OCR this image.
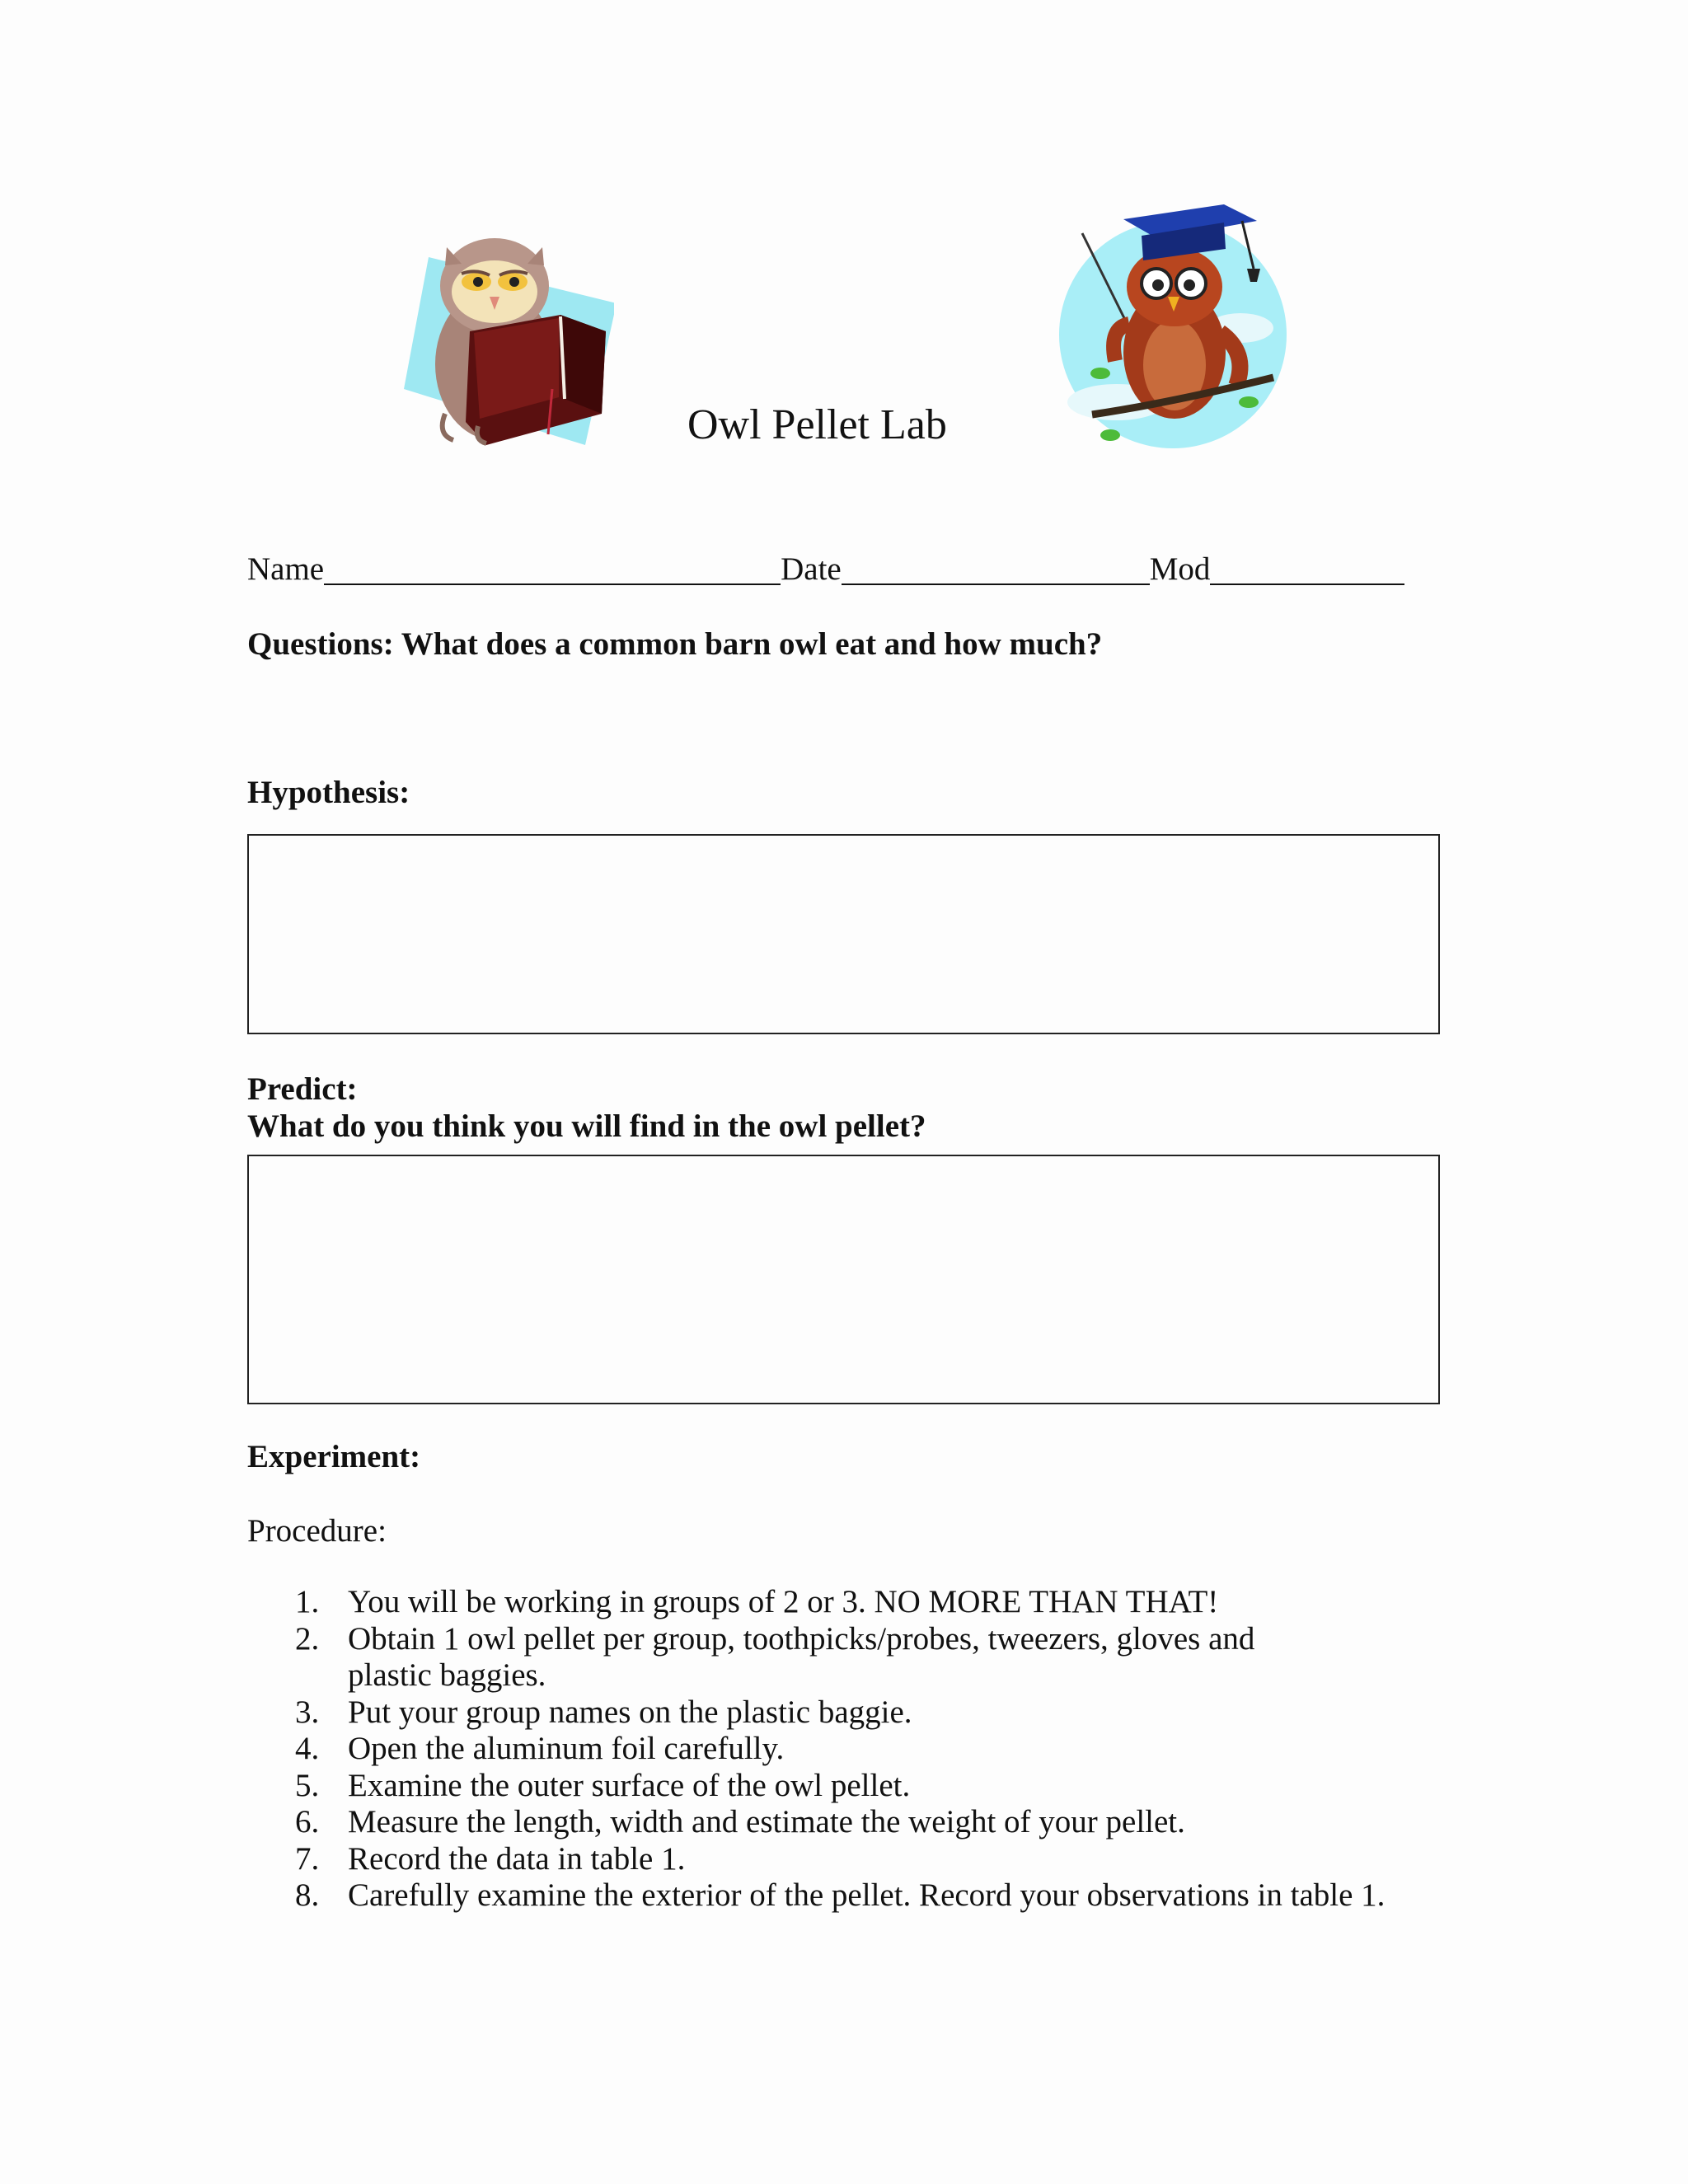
Owl Pellet Lab
Name	Date	Mod
Questions: What does a common barn owl eat and how much?
Hypothesis:
Predict:
What do you think you will find in the owl pellet?
Experiment:
Procedure:
1. You will be working in groups of 2 or 3. NO MORE THAN THAT!
2. Obtain 1 owl pellet per group, toothpicks/probes, tweezers, gloves and plastic baggies.
3. Put your group names on the plastic baggie.
4. Open the aluminum foil carefully.
5. Examine the outer surface of the owl pellet.
6. Measure the length, width and estimate the weight of your pellet.
7. Record the data in table 1.
8. Carefully examine the exterior of the pellet. Record your observations in table 1.
